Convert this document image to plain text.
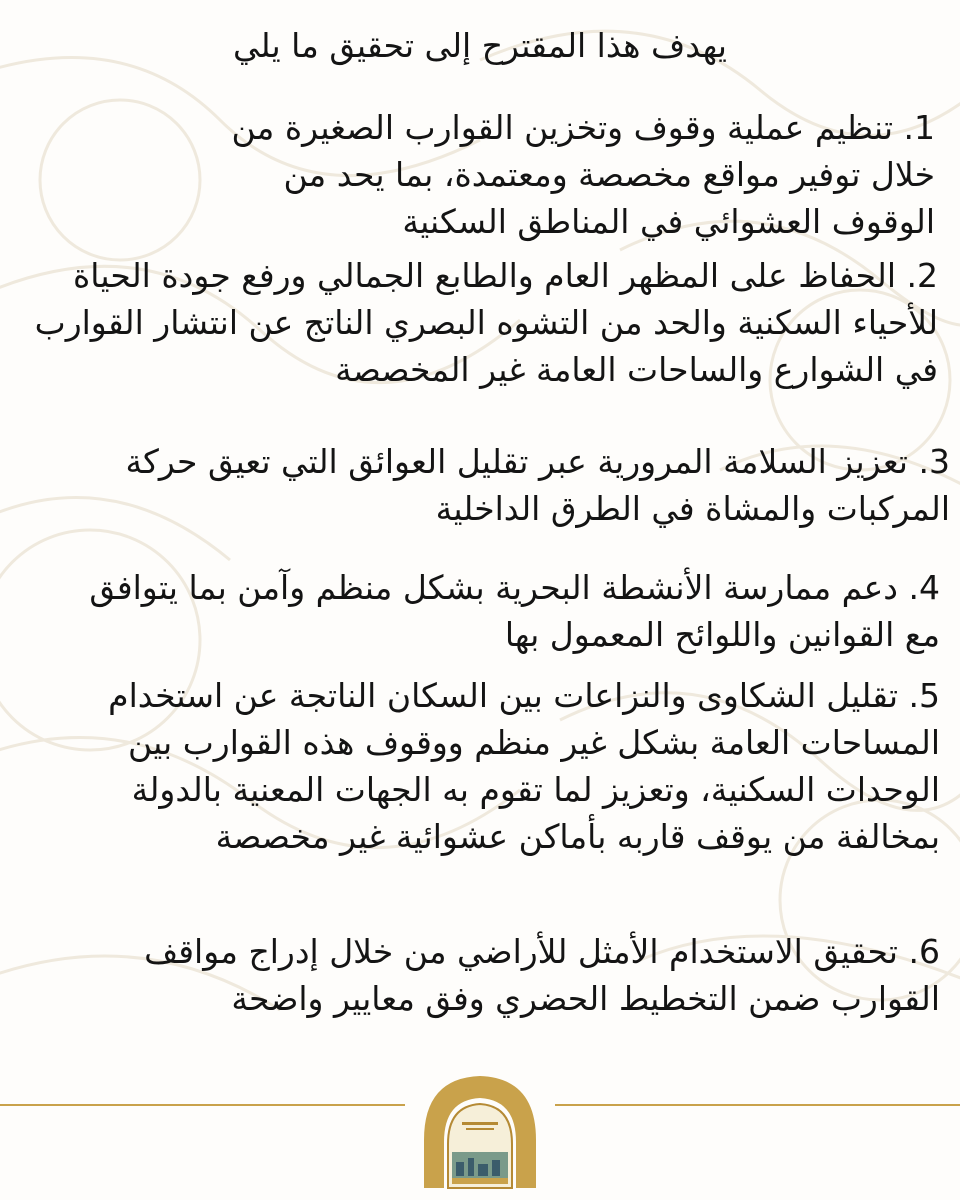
يهدف هذا المقترح إلى تحقيق ما يلي

1. تنظيم عملية وقوف وتخزين القوارب الصغيرة من خلال توفير مواقع مخصصة ومعتمدة، بما يحد من الوقوف العشوائي في المناطق السكنية

2. الحفاظ على المظهر العام والطابع الجمالي ورفع جودة الحياة للأحياء السكنية والحد من التشوه البصري الناتج عن انتشار القوارب في الشوارع والساحات العامة غير المخصصة

3. تعزيز السلامة المرورية عبر تقليل العوائق التي تعيق حركة المركبات والمشاة في الطرق الداخلية

4. دعم ممارسة الأنشطة البحرية بشكل منظم وآمن بما يتوافق مع القوانين واللوائح المعمول بها

5. تقليل الشكاوى والنزاعات بين السكان الناتجة عن استخدام المساحات العامة بشكل غير منظم ووقوف هذه القوارب بين الوحدات السكنية، وتعزيز لما تقوم به الجهات المعنية بالدولة بمخالفة من يوقف قاربه بأماكن عشوائية غير مخصصة

6. تحقيق الاستخدام الأمثل للأراضي من خلال إدراج مواقف القوارب ضمن التخطيط الحضري وفق معايير واضحة
